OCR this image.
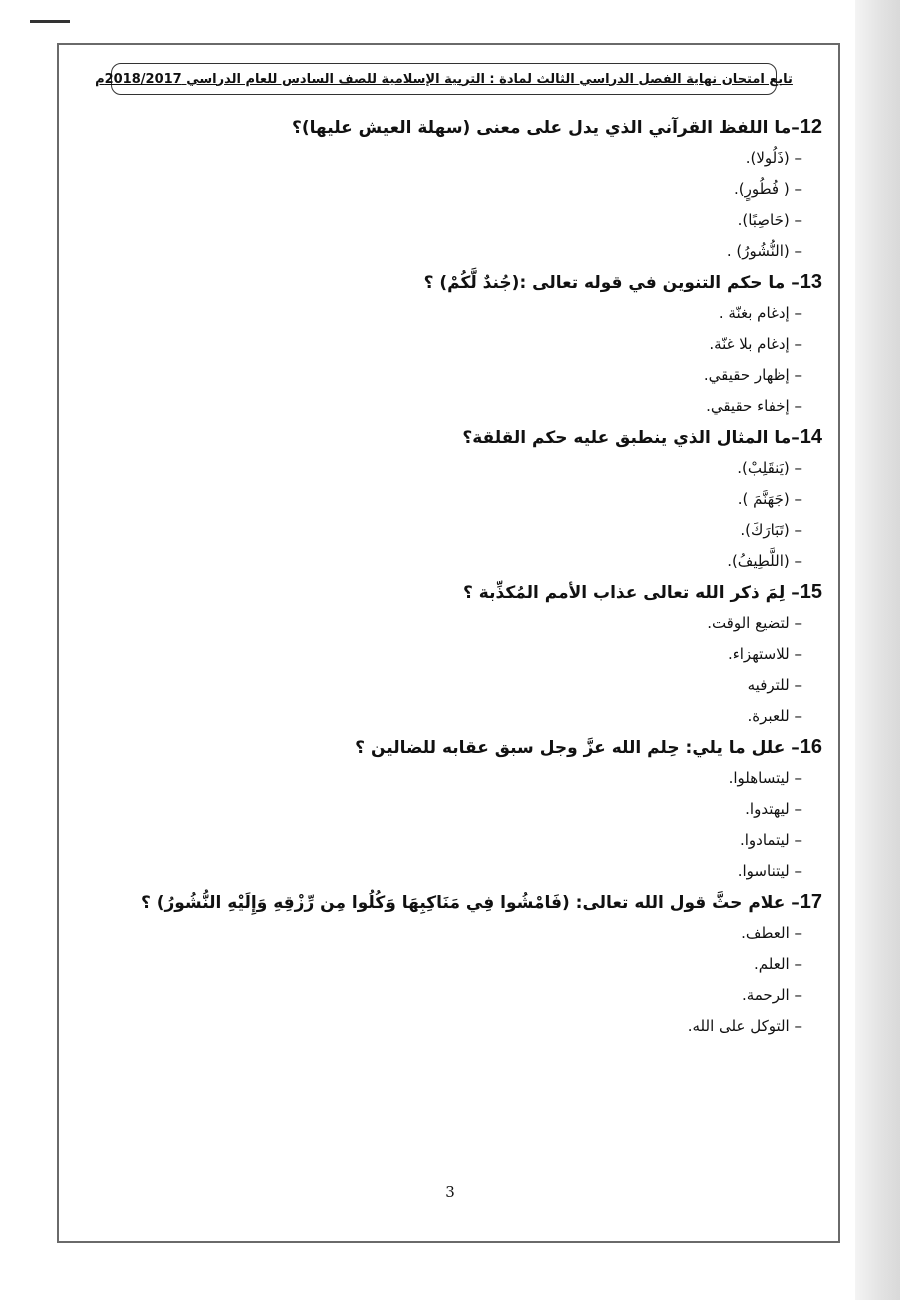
تابع امتحان نهاية الفصل الدراسي الثالث لمادة : التربية الإسلامية للصف السادس للعام الدراسي 2018/2017م
12–ما اللفظ القرآني الذي يدل على معنى (سهلة العيش عليها)؟
– (ذَلُولا).
– ( فُطُورٍ).
– (حَاصِبًا).
– (النُّشُورُ) .
13– ما حكم التنوين في قوله تعالى :(جُندٌ لَّكُمْ) ؟
– إدغام بغنّة .
– إدغام بلا غنّة.
– إظهار حقيقي.
– إخفاء حقيقي.
14–ما المثال الذي ينطبق عليه حكم القلقة؟
– (يَنقَلِبْ).
– (جَهَنَّمَ ).
– (تَبَارَكَ).
– (اللَّطِيفُ).
15– لِمَ ذكر الله تعالى عذاب الأمم المُكذِّبة ؟
– لتضيع الوقت.
– للاستهزاء.
– للترفيه
– للعبرة.
16– علل ما يلي: حِلم الله عزَّ وجل سبق عقابه للضالين ؟
– ليتساهلوا.
– ليهتدوا.
– ليتمادوا.
– ليتناسوا.
17– علام حثَّ قول الله تعالى: (فَامْشُوا فِي مَنَاكِبِهَا وَكُلُوا مِن رِّزْقِهِ وَإِلَيْهِ النُّشُورُ) ؟
– العطف.
– العلم.
– الرحمة.
– التوكل على الله.
3
